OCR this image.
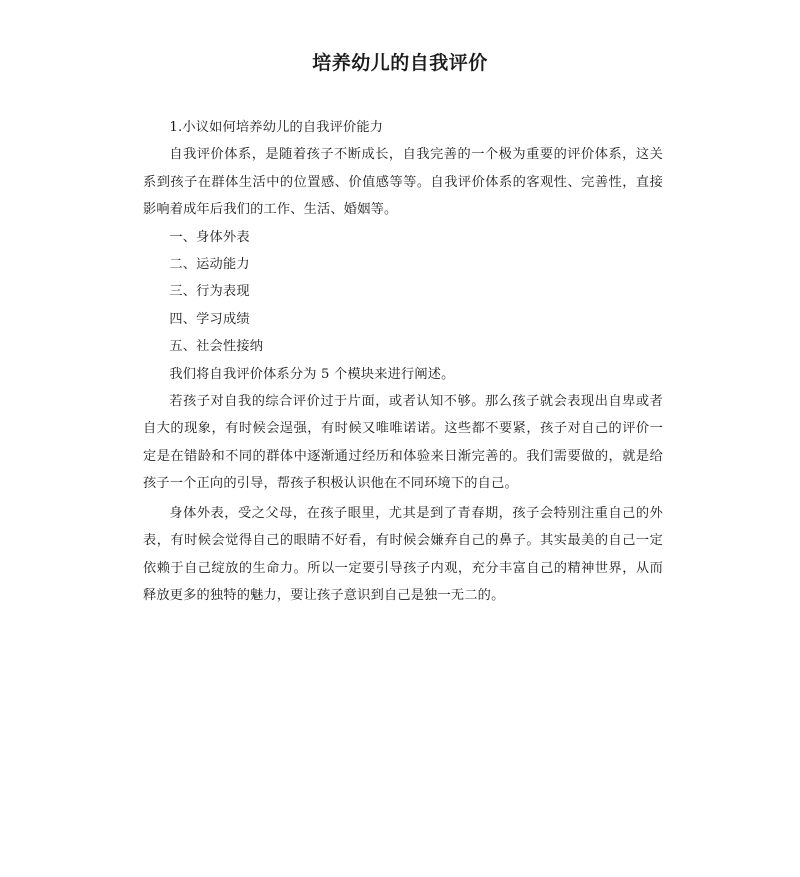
培养幼儿的自我评价

1.小议如何培养幼儿的自我评价能力

自我评价体系，是随着孩子不断成长，自我完善的一个极为重要的评价体系，这关系到孩子在群体生活中的位置感、价值感等等。自我评价体系的客观性、完善性，直接影响着成年后我们的工作、生活、婚姻等。

一、身体外表

二、运动能力

三、行为表现

四、学习成绩

五、社会性接纳

我们将自我评价体系分为 5 个模块来进行阐述。

若孩子对自我的综合评价过于片面，或者认知不够。那么孩子就会表现出自卑或者自大的现象，有时候会逞强，有时候又唯唯诺诺。这些都不要紧，孩子对自己的评价一定是在错龄和不同的群体中逐渐通过经历和体验来日渐完善的。我们需要做的，就是给孩子一个正向的引导，帮孩子积极认识他在不同环境下的自己。

身体外表，受之父母，在孩子眼里，尤其是到了青春期，孩子会特别注重自己的外表，有时候会觉得自己的眼睛不好看，有时候会嫌弃自己的鼻子。其实最美的自己一定依赖于自己绽放的生命力。所以一定要引导孩子内观，充分丰富自己的精神世界，从而释放更多的独特的魅力，要让孩子意识到自己是独一无二的。
